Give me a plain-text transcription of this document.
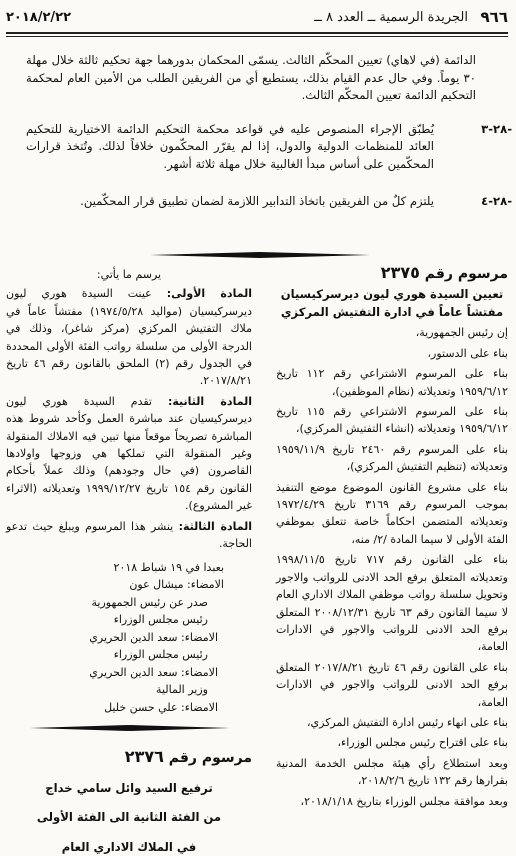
٩٦٦
الجريدة الرسمية ــ العدد ٨ ــ
٢٠١٨/٢/٢٢

الدائمة (في لاهاي) تعيين المحكّم الثالث. يسمّى المحكمان بدورهما جهة تحكيم ثالثة خلال مهلة ٣٠ يوماً. وفي حال عدم القيام بذلك، يستطيع أي من الفريقين الطلب من الأمين العام لمحكمة التحكيم الدائمة تعيين المحكّم الثالث.

٢٨-٣-
يُطبّق الإجراء المنصوص عليه في قواعد محكمة التحكيم الدائمة الاختيارية للتحكيم العائد للمنظمات الدولية والدول، إذا لم يقرّر المحكّمون خلافاً لذلك. وتُتخذ قرارات المحكّمين على أساس مبدأ الغالبية خلال مهلة ثلاثة أشهر.

٢٨-٤-
يلتزم كلٌ من الفريقين باتخاذ التدابير اللازمة لضمان تطبيق قرار المحكّمين.

مرسوم رقم ٢٣٧٥

تعيين السيدة هوري ليون ديرسركيسيان مفتشاً عاماً في ادارة التفتيش المركزي

إن رئيس الجمهورية،

بناء على الدستور،

بناء على المرسوم الاشتراعي رقم ١١٢ تاريخ ١٩٥٩/٦/١٢ وتعديلاته (نظام الموظفين)،

بناء على المرسوم الاشتراعي رقم ١١٥ تاريخ ١٩٥٩/٦/١٢ وتعديلاته (انشاء التفتيش المركزي)،

بناء على المرسوم رقم ٢٤٦٠ تاريخ ١٩٥٩/١١/٩ وتعديلاته (تنظيم التفتيش المركزي)،

بناء على مشروع القانون الموضوع موضع التنفيذ بموجب المرسوم رقم ٣١٦٩ تاريخ ١٩٧٢/٤/٢٩ وتعديلاته المتضمن احكاماً خاصة تتعلق بموظفي الفئة الأولى لا سيما المادة /٢/ منه،

بناء على القانون رقم ٧١٧ تاريخ ١٩٩٨/١١/٥ وتعديلاته المتعلق برفع الحد الادنى للرواتب والاجور وتحويل سلسلة رواتب موظفي الملاك الاداري العام لا سيما القانون رقم ٦٣ تاريخ ٢٠٠٨/١٢/٣١ المتعلق برفع الحد الادنى للرواتب والاجور في الادارات العامة،

بناء على القانون رقم ٤٦ تاريخ ٢٠١٧/٨/٢١ المتعلق برفع الحد الادنى للرواتب والاجور في الادارات العامة،

بناء على انهاء رئيس ادارة التفتيش المركزي،

بناء على اقتراح رئيس مجلس الوزراء،

وبعد استطلاع رأي هيئة مجلس الخدمة المدنية بقرارها رقم ١٣٢ تاريخ ٢٠١٨/٢/٦،

وبعد موافقة مجلس الوزراء بتاريخ ٢٠١٨/١/١٨،

يرسم ما يأتي:

المادة الأولى: عينت السيدة هوري ليون ديرسركيسيان (مواليد ١٩٧٤/٥/٢٨) مفتشاً عاماً في ملاك التفتيش المركزي (مركز شاغر)، وذلك في الدرجة الأولى من سلسلة رواتب الفئة الأولى المحددة في الجدول رقم (٢) الملحق بالقانون رقم ٤٦ تاريخ ٢٠١٧/٨/٢١.

المادة الثانية: تقدم السيدة هوري ليون ديرسركيسيان عند مباشرة العمل وكأحد شروط هذه المباشرة تصريحاً موقعاً منها تبين فيه الاملاك المنقولة وغير المنقولة التي تملكها هي وزوجها واولادها القاصرون (في حال وجودهم) وذلك عملاً بأحكام القانون رقم ١٥٤ تاريخ ١٩٩٩/١٢/٢٧ وتعديلاته (الاثراء غير المشروع).

المادة الثالثة: ينشر هذا المرسوم ويبلغ حيث تدعو الحاجة.

بعبدا في ١٩ شباط ٢٠١٨

الامضاء: ميشال عون

صدر عن رئيس الجمهورية

رئيس مجلس الوزراء

الامضاء: سعد الدين الحريري

رئيس مجلس الوزراء

الامضاء: سعد الدين الحريري

وزير المالية

الامضاء: علي حسن خليل

مرسوم رقم ٢٣٧٦

ترفيع السيد وائل سامي خداج

من الفئة الثانية الى الفئة الأولى

في الملاك الاداري العام
